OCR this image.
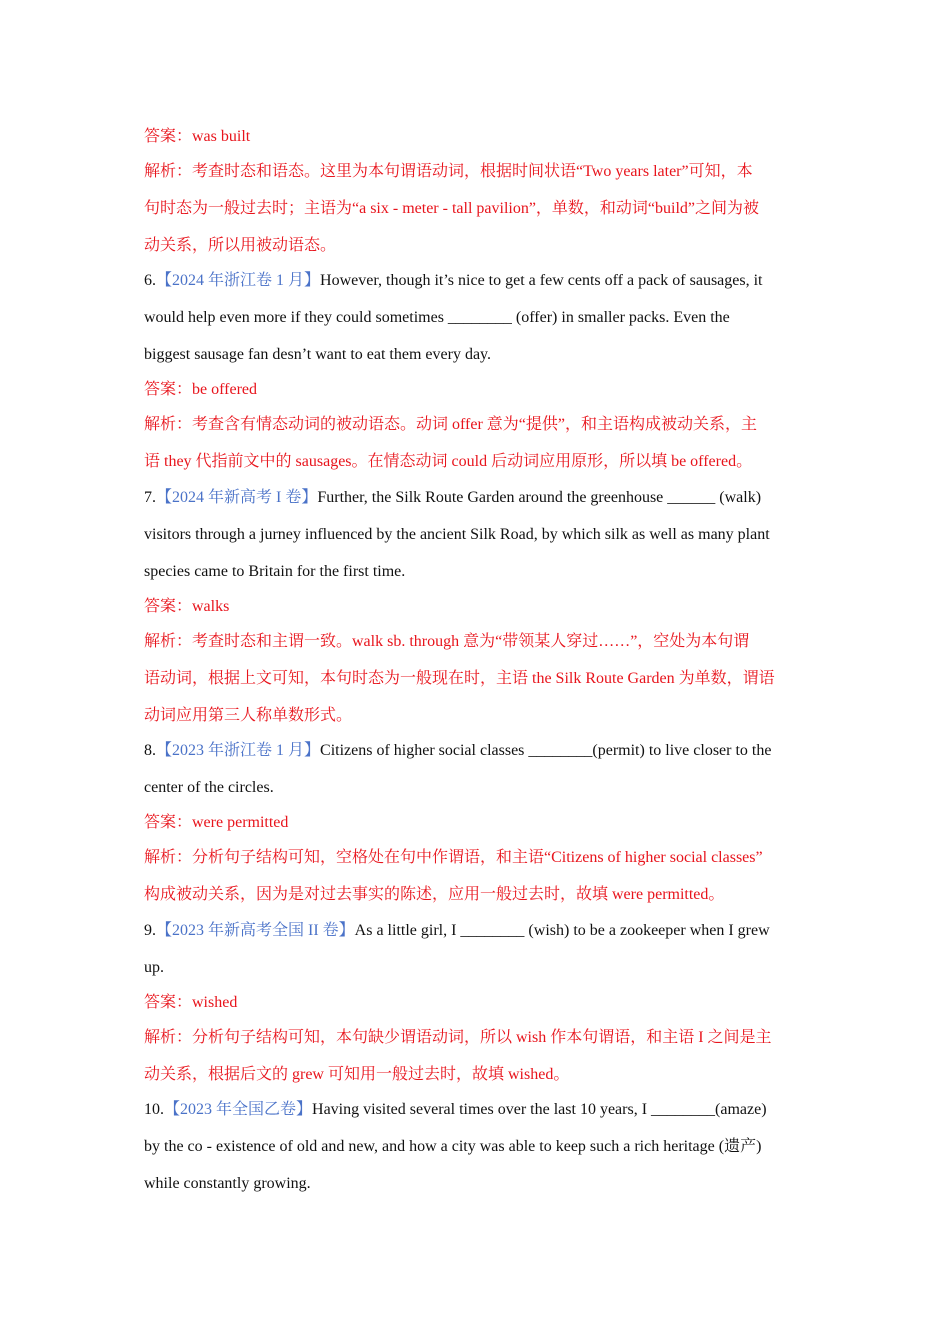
答案：was built
解析：考查时态和语态。这里为本句谓语动词，根据时间状语“Two years later”可知，本
句时态为一般过去时；主语为“a six - meter - tall pavilion”，单数，和动词“build”之间为被
动关系，所以用被动语态。
6.【2024 年浙江卷 1 月】However, though it’s nice to get a few cents off a pack of sausages, it
would help even more if they could sometimes ________ (offer) in smaller packs. Even the
biggest sausage fan desn’t want to eat them every day.
答案：be offered
解析：考查含有情态动词的被动语态。动词 offer 意为“提供”，和主语构成被动关系，主
语 they 代指前文中的 sausages。在情态动词 could 后动词应用原形，所以填 be offered。
7.【2024 年新高考 I 卷】Further, the Silk Route Garden around the greenhouse ______ (walk)
visitors through a jurney influenced by the ancient Silk Road, by which silk as well as many plant
species came to Britain for the first time.
答案：walks
解析：考查时态和主谓一致。walk sb. through 意为“带领某人穿过……”，空处为本句谓
语动词，根据上文可知，本句时态为一般现在时，主语 the Silk Route Garden 为单数，谓语
动词应用第三人称单数形式。
8.【2023 年浙江卷 1 月】Citizens of higher social classes ________(permit) to live closer to the
center of the circles.
答案：were permitted
解析：分析句子结构可知，空格处在句中作谓语，和主语“Citizens of higher social classes”
构成被动关系，因为是对过去事实的陈述，应用一般过去时，故填 were permitted。
9.【2023 年新高考全国 II 卷】As a little girl, I ________ (wish) to be a zookeeper when I grew
up.
答案：wished
解析：分析句子结构可知，本句缺少谓语动词，所以 wish 作本句谓语，和主语 I 之间是主
动关系，根据后文的 grew 可知用一般过去时，故填 wished。
10.【2023 年全国乙卷】Having visited several times over the last 10 years, I ________(amaze)
by the co - existence of old and new, and how a city was able to keep such a rich heritage (遗产)
while constantly growing.
